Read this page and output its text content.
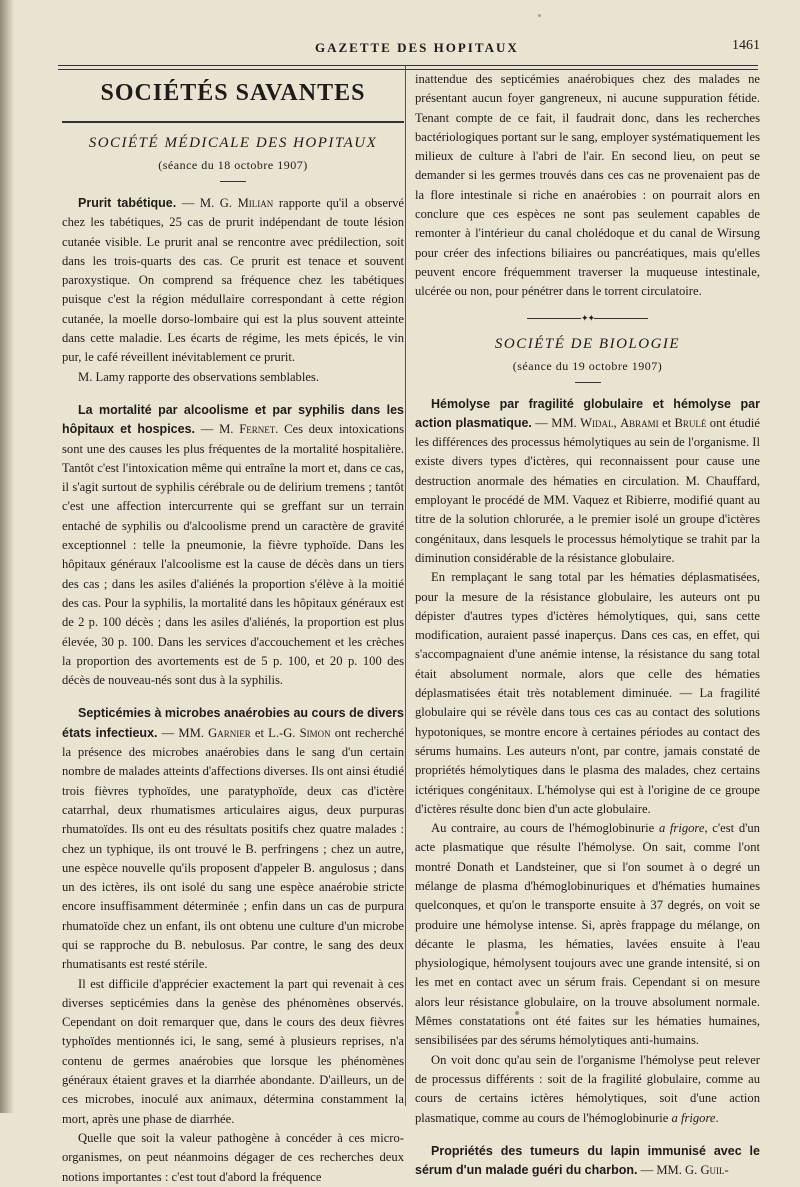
GAZETTE DES HOPITAUX	1461
SOCIÉTÉS SAVANTES
SOCIÉTÉ MÉDICALE DES HOPITAUX
(séance du 18 octobre 1907)

Prurit tabétique. — M. G. Milian rapporte qu'il a observé chez les tabétiques, 25 cas de prurit indépendant de toute lésion cutanée visible. Le prurit anal se rencontre avec prédilection, soit dans les trois-quarts des cas. Ce prurit est tenace et souvent paroxystique. On comprend sa fréquence chez les tabétiques puisque c'est la région médullaire correspondant à cette région cutanée, la moelle dorso-lombaire qui est la plus souvent atteinte dans cette maladie. Les écarts de régime, les mets épicés, le vin pur, le café réveillent inévitablement ce prurit.

M. Lamy rapporte des observations semblables.

La mortalité par alcoolisme et par syphilis dans les hôpitaux et hospices. — M. Fernet. Ces deux intoxications sont une des causes les plus fréquentes de la mortalité hospitalière. Tantôt c'est l'intoxication même qui entraîne la mort et, dans ce cas, il s'agit surtout de syphilis cérébrale ou de delirium tremens ; tantôt c'est une affection intercurrente qui se greffant sur un terrain entaché de syphilis ou d'alcoolisme prend un caractère de gravité exceptionnel : telle la pneumonie, la fièvre typhoïde. Dans les hôpitaux généraux l'alcoolisme est la cause de décès dans un tiers des cas ; dans les asiles d'aliénés la proportion s'élève à la moitié des cas. Pour la syphilis, la mortalité dans les hôpitaux généraux est de 2 p. 100 décès ; dans les asiles d'aliénés, la proportion est plus élevée, 30 p. 100. Dans les services d'accouchement et les crèches la proportion des avortements est de 5 p. 100, et 20 p. 100 des décès de nouveau-nés sont dus à la syphilis.

Septicémies à microbes anaérobies au cours de divers états infectieux. — MM. Garnier et L.-G. Simon ont recherché la présence des microbes anaérobies dans le sang d'un certain nombre de malades atteints d'affections diverses. Ils ont ainsi étudié trois fièvres typhoïdes, une paratyphoïde, deux cas d'ictère catarrhal, deux rhumatismes articulaires aigus, deux purpuras rhumatoïdes. Ils ont eu des résultats positifs chez quatre malades : chez un typhique, ils ont trouvé le B. perfringens ; chez un autre, une espèce nouvelle qu'ils proposent d'appeler B. angulosus ; dans un des ictères, ils ont isolé du sang une espèce anaérobie stricte encore insuffisamment déterminée ; enfin dans un cas de purpura rhumatoïde chez un enfant, ils ont obtenu une culture d'un microbe qui se rapproche du B. nebulosus. Par contre, le sang des deux rhumatisants est resté stérile.

Il est difficile d'apprécier exactement la part qui revenait à ces diverses septicémies dans la genèse des phénomènes observés. Cependant on doit remarquer que, dans le cours des deux fièvres typhoïdes mentionnés ici, le sang, semé à plusieurs reprises, n'a contenu de germes anaérobies que lorsque les phénomènes généraux étaient graves et la diarrhée abondante. D'ailleurs, un de ces microbes, inoculé aux animaux, détermina constamment la mort, après une phase de diarrhée.

Quelle que soit la valeur pathogène à concéder à ces micro-organismes, on peut néanmoins dégager de ces recherches deux notions importantes : c'est tout d'abord la fréquence

inattendue des septicémies anaérobiques chez des malades ne présentant aucun foyer gangreneux, ni aucune suppuration fétide. Tenant compte de ce fait, il faudrait donc, dans les recherches bactériologiques portant sur le sang, employer systématiquement les milieux de culture à l'abri de l'air. En second lieu, on peut se demander si les germes trouvés dans ces cas ne provenaient pas de la flore intestinale si riche en anaérobies : on pourrait alors en conclure que ces espèces ne sont pas seulement capables de remonter à l'intérieur du canal cholédoque et du canal de Wirsung pour créer des infections biliaires ou pancréatiques, mais qu'elles peuvent encore fréquemment traverser la muqueuse intestinale, ulcérée ou non, pour pénétrer dans le torrent circulatoire.

✦✦
SOCIÉTÉ DE BIOLOGIE
(séance du 19 octobre 1907)

Hémolyse par fragilité globulaire et hémolyse par action plasmatique. — MM. Widal, Abrami et Brulé ont étudié les différences des processus hémolytiques au sein de l'organisme. Il existe divers types d'ictères, qui reconnaissent pour cause une destruction anormale des hématies en circulation. M. Chauffard, employant le procédé de MM. Vaquez et Ribierre, modifié quant au titre de la solution chlorurée, a le premier isolé un groupe d'ictères congénitaux, dans lesquels le processus hémolytique se trahit par la diminution considérable de la résistance globulaire.

En remplaçant le sang total par les hématies déplasmatisées, pour la mesure de la résistance globulaire, les auteurs ont pu dépister d'autres types d'ictères hémolytiques, qui, sans cette modification, auraient passé inaperçus. Dans ces cas, en effet, qui s'accompagnaient d'une anémie intense, la résistance du sang total était absolument normale, alors que celle des hématies déplasmatisées était très notablement diminuée. — La fragilité globulaire qui se révèle dans tous ces cas au contact des solutions hypotoniques, se montre encore à certaines périodes au contact des sérums humains. Les auteurs n'ont, par contre, jamais constaté de propriétés hémolytiques dans le plasma des malades, chez certains ictériques congénitaux. L'hémolyse qui est à l'origine de ce groupe d'ictères résulte donc bien d'un acte globulaire.

Au contraire, au cours de l'hémoglobinurie a frigore, c'est d'un acte plasmatique que résulte l'hémolyse. On sait, comme l'ont montré Donath et Landsteiner, que si l'on soumet à o degré un mélange de plasma d'hémoglobinuriques et d'hématies humaines quelconques, et qu'on le transporte ensuite à 37 degrés, on voit se produire une hémolyse intense. Si, après frappage du mélange, on décante le plasma, les hématies, lavées ensuite à l'eau physiologique, hémolysent toujours avec une grande intensité, si on les met en contact avec un sérum frais. Cependant si on mesure alors leur résistance globulaire, on la trouve absolument normale. Mêmes constatations ont été faites sur les hématies humaines, sensibilisées par des sérums hémolytiques anti-humains.

On voit donc qu'au sein de l'organisme l'hémolyse peut relever de processus différents : soit de la fragilité globulaire, comme au cours de certains ictères hémolytiques, soit d'une action plasmatique, comme au cours de l'hémoglobinurie a frigore.

Propriétés des tumeurs du lapin immunisé avec le sérum d'un malade guéri du charbon. — MM. G. Guil-
